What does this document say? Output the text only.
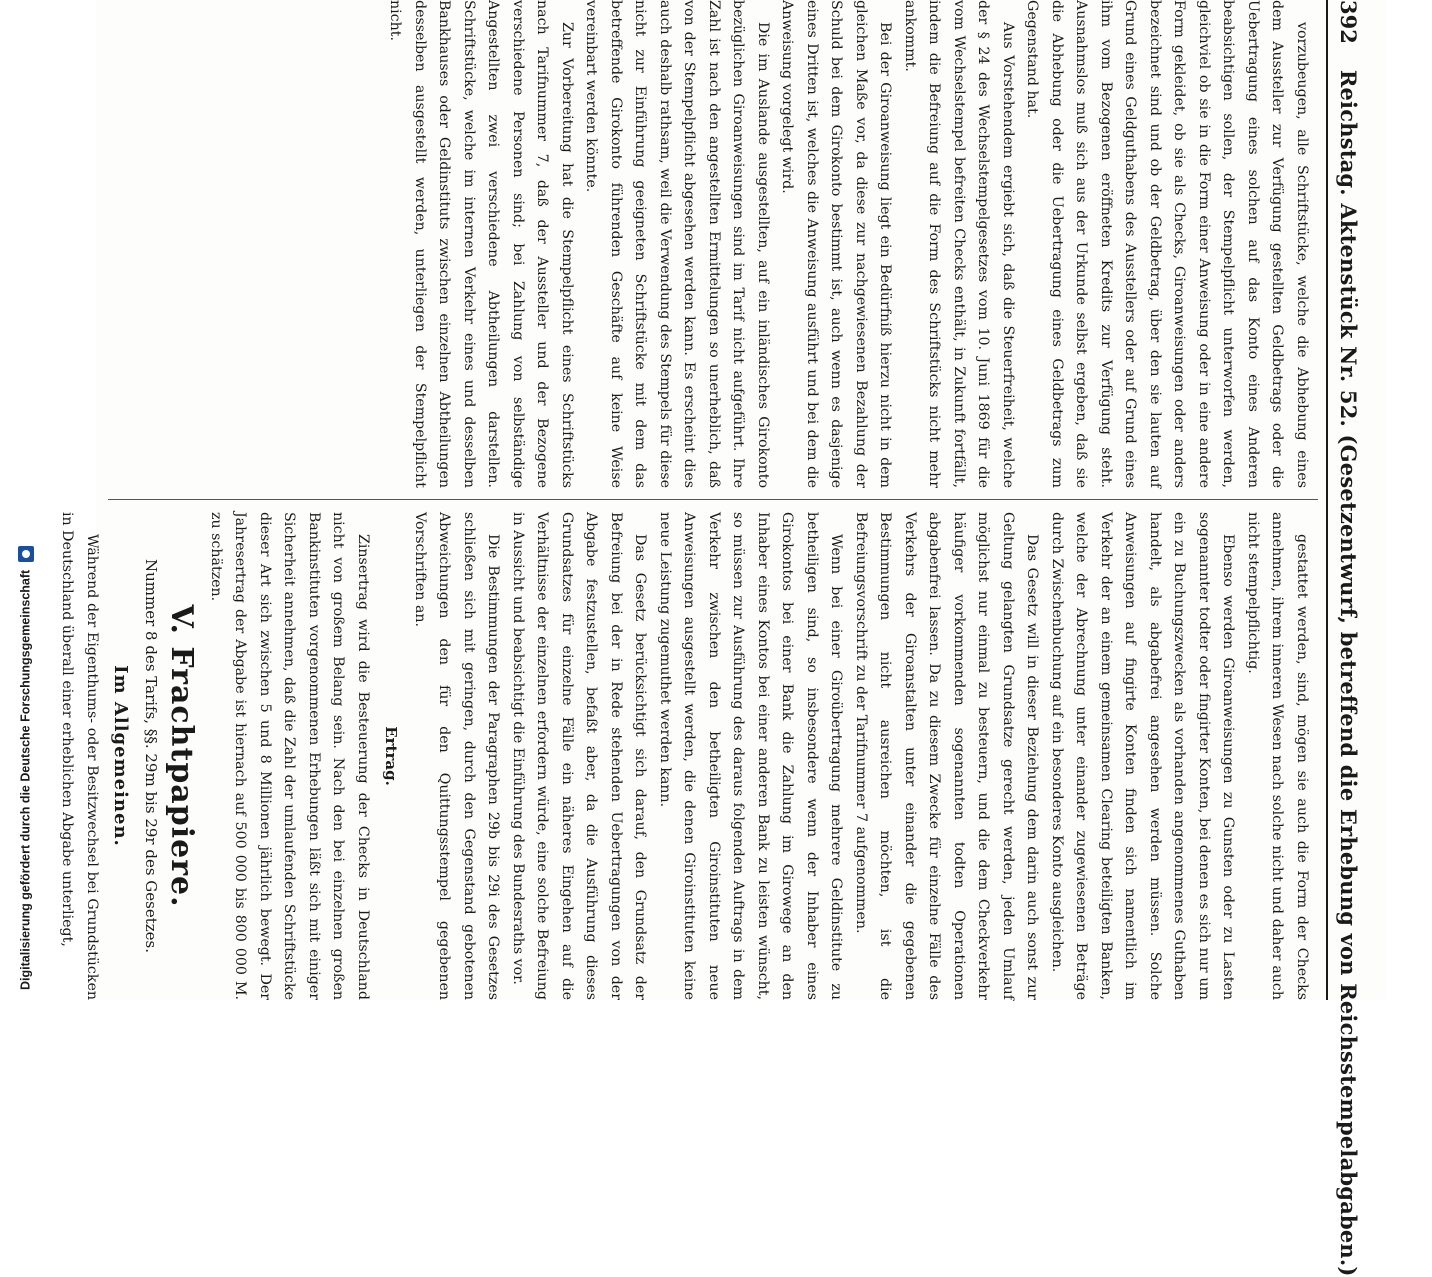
Digitalisierung gefördert durch die Deutsche Forschungsgemeinschaft
392
Reichstag. Aktenstück Nr. 52. (Gesetzentwurf, betreffend die Erhebung von Reichsstempelabgaben.)

vorzubeugen, alle Schriftstücke, welche die Abhebung eines dem Aussteller zur Verfügung gestellten Geldbetrags oder die Uebertragung eines solchen auf das Konto eines Anderen beabsichtigen sollen, der Stempelpflicht unterworfen werden, gleichviel ob sie in die Form einer Anweisung oder in eine andere Form gekleidet, ob sie als Checks, Giroanweisungen oder anders bezeichnet sind und ob der Geldbetrag, über den sie lauten auf Grund eines Geldguthabens des Ausstellers oder auf Grund eines ihm vom Bezogenen eröffneten Kredits zur Verfügung steht. Ausnahmslos muß sich aus der Urkunde selbst ergeben, daß sie die Abhebung oder die Uebertragung eines Geldbetrags zum Gegenstand hat.

Aus Vorstehendem ergiebt sich, daß die Steuerfreiheit, welche der § 24 des Wechselstempelgesetzes vom 10. Juni 1869 für die vom Wechselstempel befreiten Checks enthält, in Zukunft fortfällt, indem die Befreiung auf die Form des Schriftstücks nicht mehr ankommt.

Bei der Giroanweisung liegt ein Bedürfniß hierzu nicht in dem gleichen Maße vor, da diese zur nachgewiesenen Bezahlung der Schuld bei dem Girokonto bestimmt ist, auch wenn es dasjenige eines Dritten ist, welches die Anweisung ausführt und bei dem die Anweisung vorgelegt wird.

Die im Auslande ausgestellten, auf ein inländisches Girokonto bezüglichen Giroanweisungen sind im Tarif nicht aufgeführt. Ihre Zahl ist nach den angestellten Ermittelungen so unerheblich, daß von der Stempelpflicht abgesehen werden kann. Es erscheint dies auch deshalb rathsam, weil die Verwendung des Stempels für diese nicht zur Einführung geeigneten Schriftstücke mit dem das betreffende Girokonto führenden Geschäfte auf keine Weise vereinbart werden könnte.

Zur Vorbereitung hat die Stempelpflicht eines Schriftstücks nach Tarifnummer 7, daß der Aussteller und der Bezogene verschiedene Personen sind; bei Zahlung von selbständige Angestellten zwei verschiedene Abtheilungen darstellen. Schriftstücke, welche im internen Verkehr eines und desselben Bankhauses oder Geldinstituts zwischen einzelnen Abtheilungen desselben ausgestellt werden, unterliegen der Stempelpflicht nicht.

gestattet werden, sind, mögen sie auch die Form der Checks annehmen, ihrem inneren Wesen nach solche nicht und daher auch nicht stempelpflichtig.

Ebenso werden Giroanweisungen zu Gunsten oder zu Lasten sogenannter todter oder fingirter Konten, bei denen es sich nur um ein zu Buchungszwecken als vorhanden angenommenes Guthaben handelt, als abgabefrei angesehen werden müssen. Solche Anweisungen auf fingirte Konten finden sich namentlich im Verkehr der an einem gemeinsamen Clearing beteiligten Banken, welche der Abrechnung unter einander zugewiesenen Beträge durch Zwischenbuchung auf ein besonderes Konto ausgleichen.

Das Gesetz will in dieser Beziehung dem darin auch sonst zur Geltung gelangten Grundsatze gerecht werden, jeden Umlauf möglichst nur einmal zu besteuern, und die dem Checkverkehr häufiger vorkommenden sogenannten todten Operationen abgabenfrei lassen. Da zu diesem Zwecke für einzelne Fälle des Verkehrs der Giroanstalten unter einander die gegebenen Bestimmungen nicht ausreichen möchten, ist die Befreiungsvorschrift zu der Tarifnummer 7 aufgenommen.

Wenn bei einer Giroübertragung mehrere Geldinstitute zu betheiligen sind, so insbesondere wenn der Inhaber eines Girokontos bei einer Bank die Zahlung im Girowege an den Inhaber eines Kontos bei einer anderen Bank zu leisten wünscht, so müssen zur Ausführung des daraus folgenden Auftrags in dem Verkehr zwischen den betheiligten Giroinstituten neue Anweisungen ausgestellt werden, die denen Giroinstituten keine neue Leistung zugemuthet werden kann.

Das Gesetz berücksichtigt sich darauf, den Grundsatz der Befreiung bei der in Rede stehenden Uebertragungen von der Abgabe festzustellen, befaßt aber, da die Ausführung dieses Grundsatzes für einzelne Fälle ein näheres Eingehen auf die Verhältnisse der einzelnen erfordern würde, eine solche Befreiung in Aussicht und beabsichtigt die Einführung des Bundesraths vor.

Die Bestimmungen der Paragraphen 29b bis 29i des Gesetzes schließen sich mit geringen, durch den Gegenstand gebotenen Abweichungen den für den Quittungsstempel gegebenen Vorschriften an.

Ertrag.

Zinsertrag wird die Besteuerung der Checks in Deutschland nicht von großem Belang sein. Nach den bei einzelnen großen Bankinstituten vorgenommenen Erhebungen läßt sich mit einiger Sicherheit annehmen, daß die Zahl der umlaufenden Schriftstücke dieser Art sich zwischen 5 und 8 Millionen jährlich bewegt. Der Jahresertrag der Abgabe ist hiernach auf 500 000 bis 800 000 M. zu schätzen.

V. Frachtpapiere.

Nummer 8 des Tarifs, §§. 29m bis 29r des Gesetzes.

Im Allgemeinen.

Während der Eigenthums- oder Besitzwechsel bei Grundstücken in Deutschland überall einer erheblichen Abgabe unterliegt,
